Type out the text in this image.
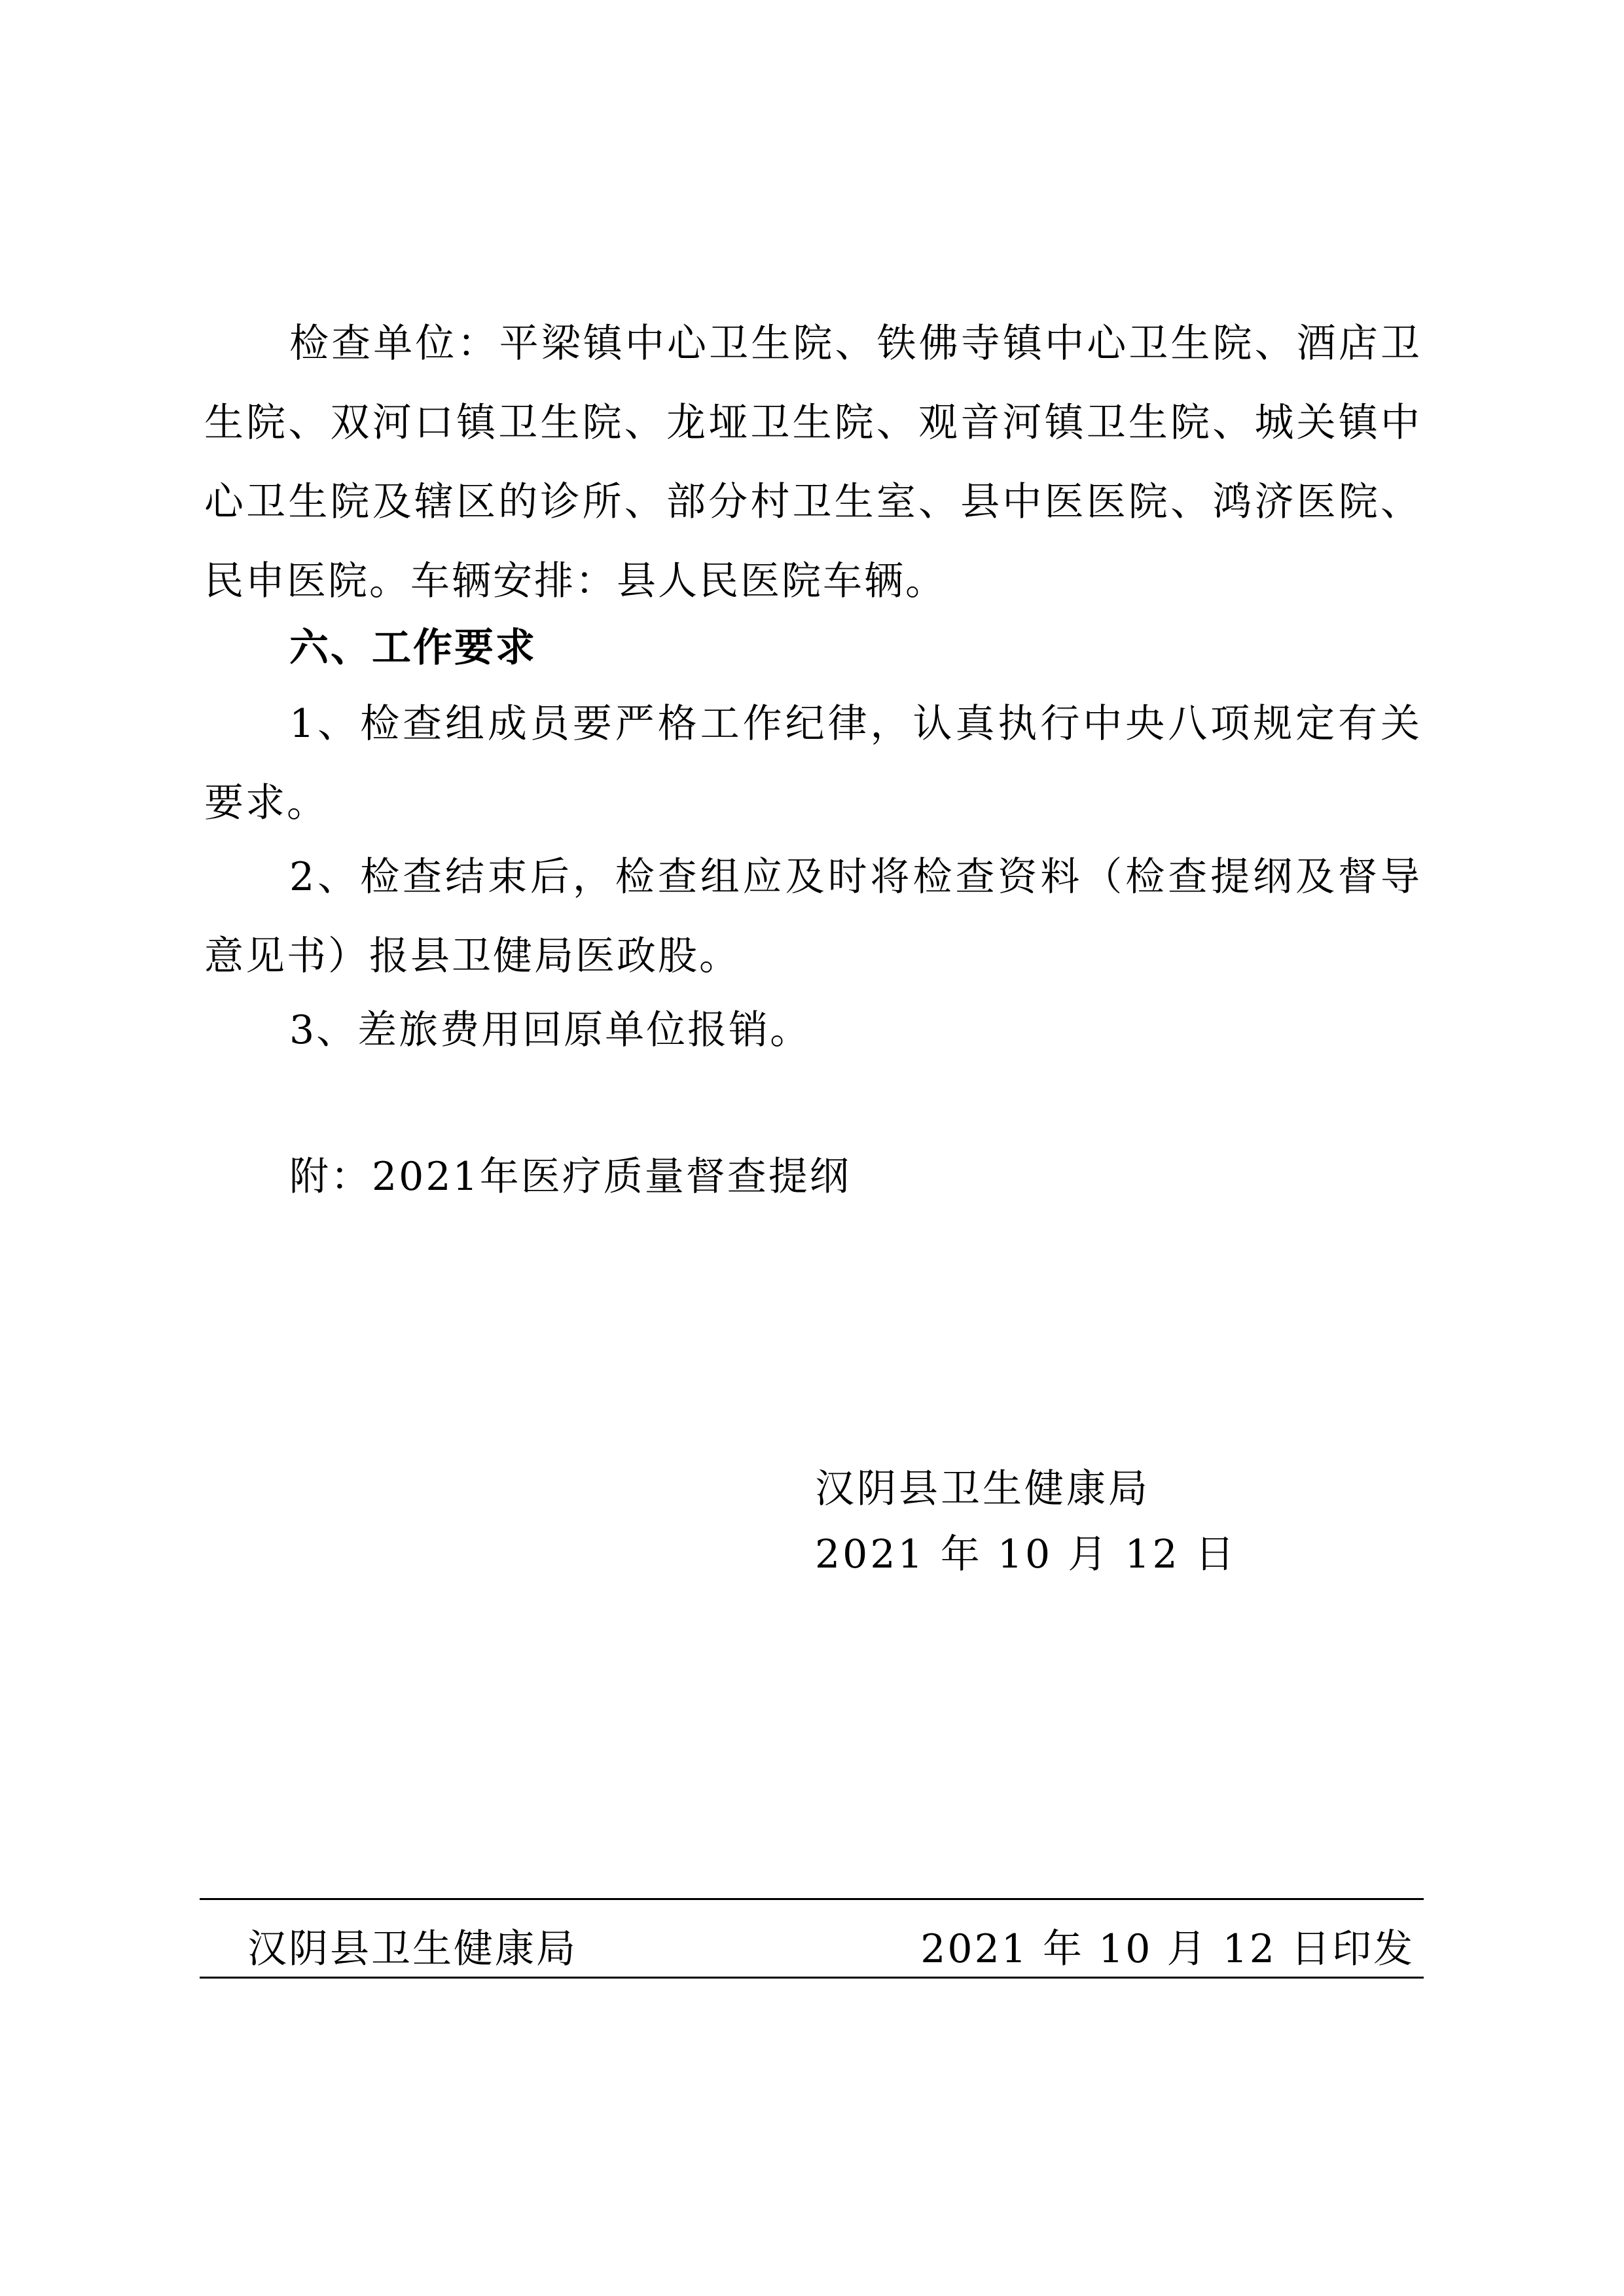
检查单位：平梁镇中心卫生院、铁佛寺镇中心卫生院、酒店卫生院、双河口镇卫生院、龙垭卫生院、观音河镇卫生院、城关镇中心卫生院及辖区的诊所、部分村卫生室、县中医医院、鸿济医院、民申医院。车辆安排：县人民医院车辆。

六、工作要求

1、检查组成员要严格工作纪律，认真执行中央八项规定有关要求。

2、检查结束后，检查组应及时将检查资料（检查提纲及督导意见书）报县卫健局医政股。

3、差旅费用回原单位报销。

附：2021年医疗质量督查提纲

汉阴县卫生健康局

2021 年 10 月 12 日

汉阴县卫生健康局	2021 年 10 月 12 日印发
